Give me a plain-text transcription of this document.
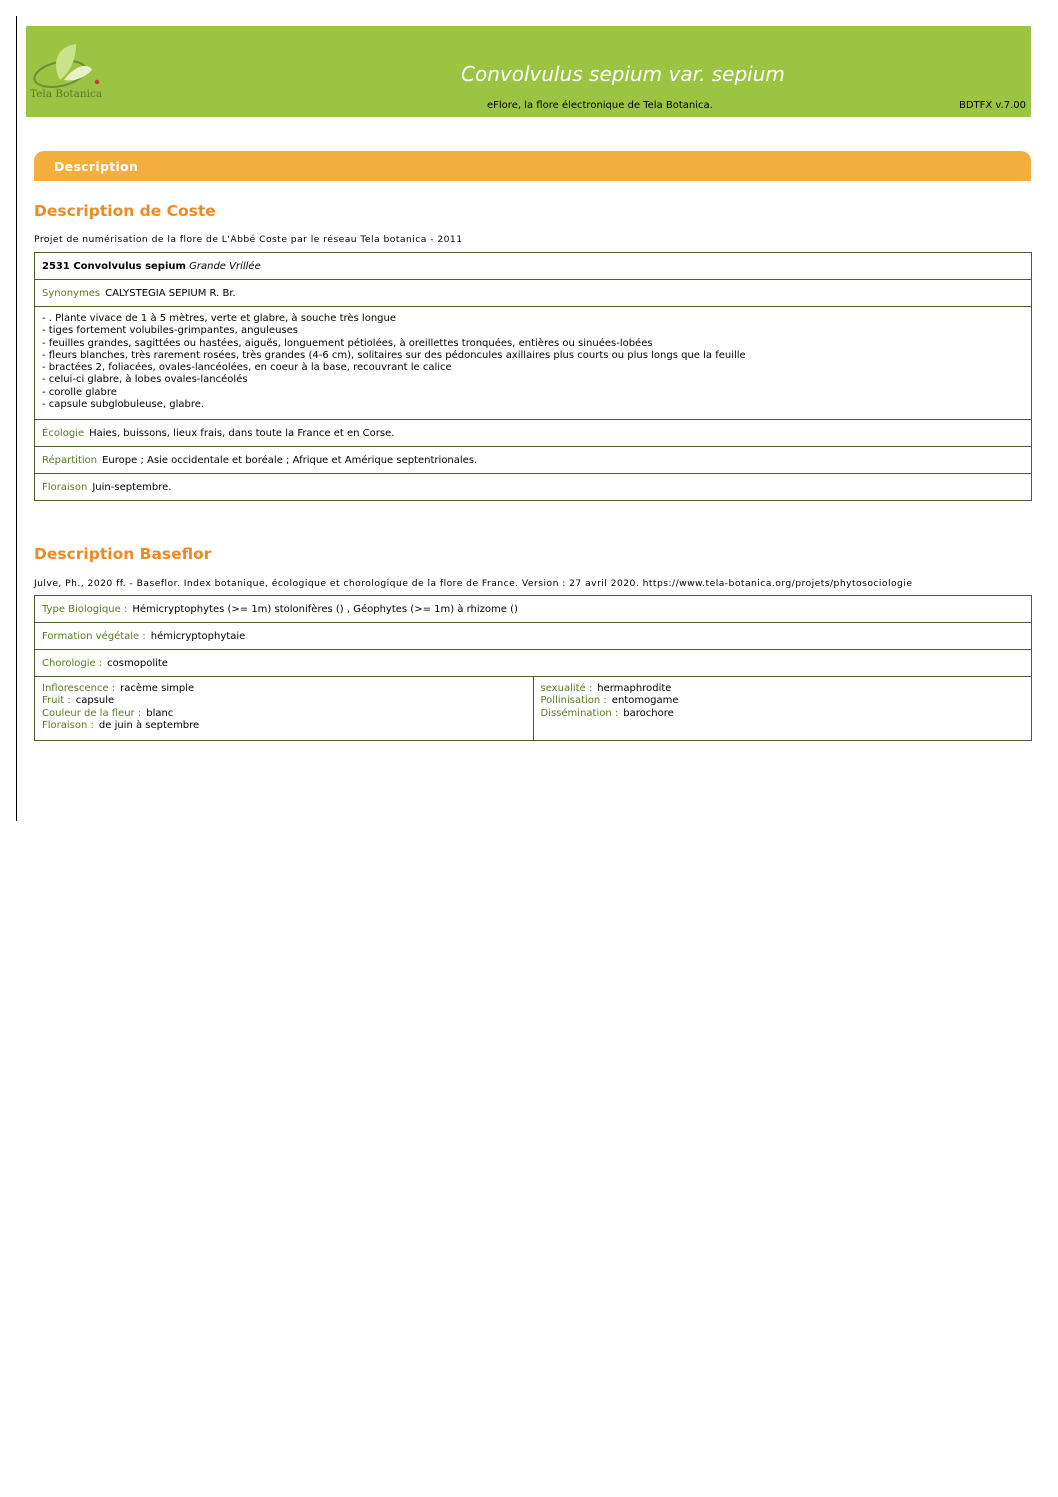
Tela Botanica
Convolvulus sepium var. sepium
eFlore, la flore électronique de Tela Botanica.	BDTFX v.7.00
Description
Description de Coste
Projet de numérisation de la flore de L'Abbé Coste par le réseau Tela botanica - 2011
2531 Convolvulus sepium Grande Vrillée
Synonymes CALYSTEGIA SEPIUM R. Br.
- . Plante vivace de 1 à 5 mètres, verte et glabre, à souche très longue
- tiges fortement volubiles-grimpantes, anguleuses
- feuilles grandes, sagittées ou hastées, aiguës, longuement pétiolées, à oreillettes tronquées, entières ou sinuées-lobées
- fleurs blanches, très rarement rosées, très grandes (4-6 cm), solitaires sur des pédoncules axillaires plus courts ou plus longs que la feuille
- bractées 2, foliacées, ovales-lancéolées, en coeur à la base, recouvrant le calice
- celui-ci glabre, à lobes ovales-lancéolés
- corolle glabre
- capsule subglobuleuse, glabre.
Écologie Haies, buissons, lieux frais, dans toute la France et en Corse.
Répartition Europe ; Asie occidentale et boréale ; Afrique et Amérique septentrionales.
Floraison Juin-septembre.
Description Baseflor
Julve, Ph., 2020 ff. - Baseflor. Index botanique, écologique et chorologique de la flore de France. Version : 27 avril 2020. https://www.tela-botanica.org/projets/phytosociologie
Type Biologique : Hémicryptophytes (>= 1m) stolonifères () , Géophytes (>= 1m) à rhizome ()
Formation végétale : hémicryptophytaie
Chorologie : cosmopolite
Inflorescence : racème simple
Fruit : capsule
Couleur de la fleur : blanc
Floraison : de juin à septembre
sexualité : hermaphrodite
Pollinisation : entomogame
Dissémination : barochore
